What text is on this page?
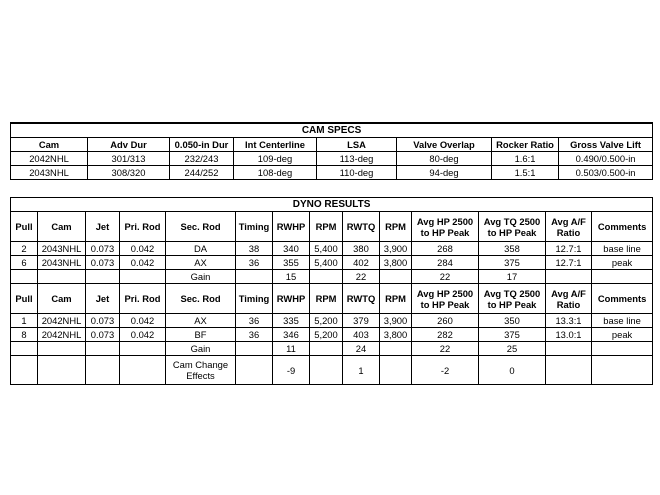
CAM SPECS							
Cam	Adv Dur	0.050-in Dur	Int Centerline	LSA	Valve Overlap	Rocker Ratio	Gross Valve Lift
2042NHL	301/313	232/243	109-deg	113-deg	80-deg	1.6:1	0.490/0.500-in
2043NHL	308/320	244/252	108-deg	110-deg	94-deg	1.5:1	0.503/0.500-in
DYNO RESULTS													
Pull	Cam	Jet	Pri. Rod	Sec. Rod	Timing	RWHP	RPM	RWTQ	RPM	Avg HP 2500 to HP Peak	Avg TQ 2500 to HP Peak	Avg A/F Ratio	Comments
2	2043NHL	0.073	0.042	DA	38	340	5,400	380	3,900	268	358	12.7:1	base line
6	2043NHL	0.073	0.042	AX	36	355	5,400	402	3,800	284	375	12.7:1	peak
				Gain		15		22		22	17		
Pull	Cam	Jet	Pri. Rod	Sec. Rod	Timing	RWHP	RPM	RWTQ	RPM	Avg HP 2500 to HP Peak	Avg TQ 2500 to HP Peak	Avg A/F Ratio	Comments
1	2042NHL	0.073	0.042	AX	36	335	5,200	379	3,900	260	350	13.3:1	base line
8	2042NHL	0.073	0.042	BF	36	346	5,200	403	3,800	282	375	13.0:1	peak
				Gain		11		24		22	25		
				Cam Change Effects		-9		1		-2	0		
